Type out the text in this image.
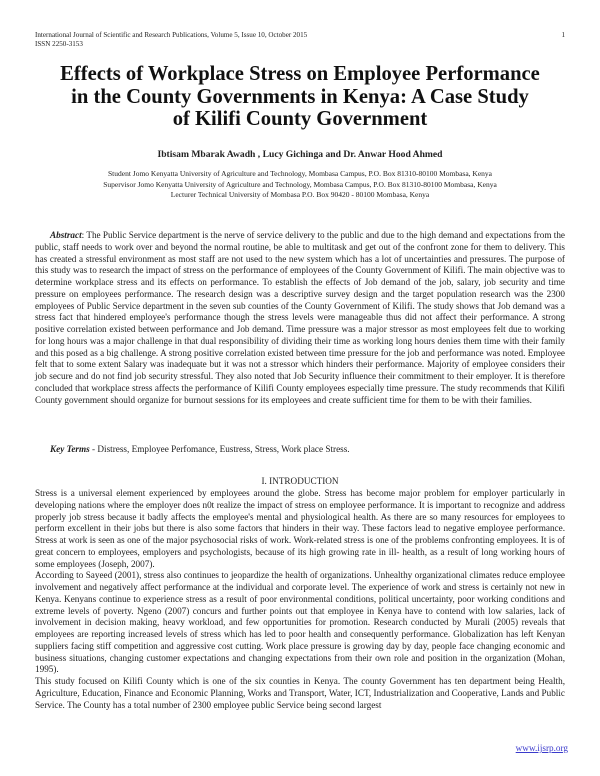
International Journal of Scientific and Research Publications, Volume 5, Issue 10, October 2015
ISSN 2250-3153
1
Effects of Workplace Stress on Employee Performance
in the County Governments in Kenya: A Case Study
of Kilifi County Government
Ibtisam Mbarak Awadh , Lucy Gichinga and Dr. Anwar Hood Ahmed
Student Jomo Kenyatta University of Agriculture and Technology, Mombasa Campus, P.O. Box 81310-80100 Mombasa, Kenya
Supervisor Jomo Kenyatta University of Agriculture and Technology, Mombasa Campus, P.O. Box 81310-80100 Mombasa, Kenya
Lecturer Technical University of Mombasa P.O. Box 90420 - 80100 Mombasa, Kenya

Abstract: The Public Service department is the nerve of service delivery to the public and due to the high demand and expectations from the public, staff needs to work over and beyond the normal routine, be able to multitask and get out of the confront zone for them to delivery. This has created a stressful environment as most staff are not used to the new system which has a lot of uncertainties and pressures. The purpose of this study was to research the impact of stress on the performance of employees of the County Government of Kilifi. The main objective was to determine workplace stress and its effects on performance. To establish the effects of Job demand of the job, salary, job security and time pressure on employees performance. The research design was a descriptive survey design and the target population research was the 2300 employees of Public Service department in the seven sub counties of the County Government of Kilifi. The study shows that Job demand was a stress fact that hindered employee's performance though the stress levels were manageable thus did not affect their performance. A strong positive correlation existed between performance and Job demand. Time pressure was a major stressor as most employees felt due to working for long hours was a major challenge in that dual responsibility of dividing their time as working long hours denies them time with their family and this posed as a big challenge. A strong positive correlation existed between time pressure for the job and performance was noted. Employee felt that to some extent Salary was inadequate but it was not a stressor which hinders their performance. Majority of employee considers their job secure and do not find job security stressful. They also noted that Job Security influence their commitment to their employer. It is therefore concluded that workplace stress affects the performance of Kilifi County employees especially time pressure. The study recommends that Kilifi County government should organize for burnout sessions for its employees and create sufficient time for them to be with their families.

Key Terms - Distress, Employee Perfomance, Eustress, Stress, Work place Stress.

I. INTRODUCTION

Stress is a universal element experienced by employees around the globe. Stress has become major problem for employer particularly in developing nations where the employer does n0t realize the impact of stress on employee performance. It is important to recognize and address properly job stress because it badly affects the employee's mental and physiological health. As there are so many resources for employees to perform excellent in their jobs but there is also some factors that hinders in their way. These factors lead to negative employee performance. Stress at work is seen as one of the major psychosocial risks of work. Work-related stress is one of the problems confronting employees. It is of great concern to employees, employers and psychologists, because of its high growing rate in ill- health, as a result of long working hours of some employees (Joseph, 2007).

According to Sayeed (2001), stress also continues to jeopardize the health of organizations. Unhealthy organizational climates reduce employee involvement and negatively affect performance at the individual and corporate level. The experience of work and stress is certainly not new in Kenya. Kenyans continue to experience stress as a result of poor environmental conditions, political uncertainty, poor working conditions and extreme levels of poverty. Ngeno (2007) concurs and further points out that employee in Kenya have to contend with low salaries, lack of involvement in decision making, heavy workload, and few opportunities for promotion. Research conducted by Murali (2005) reveals that employees are reporting increased levels of stress which has led to poor health and consequently performance. Globalization has left Kenyan suppliers facing stiff competition and aggressive cost cutting. Work place pressure is growing day by day, people face changing economic and business situations, changing customer expectations and changing expectations from their own role and position in the organization (Mohan, 1995).

This study focused on Kilifi County which is one of the six counties in Kenya. The county Government has ten department being Health, Agriculture, Education, Finance and Economic Planning, Works and Transport, Water, ICT, Industrialization and Cooperative, Lands and Public Service. The County has a total number of 2300 employee public Service being second largest

www.ijsrp.org
